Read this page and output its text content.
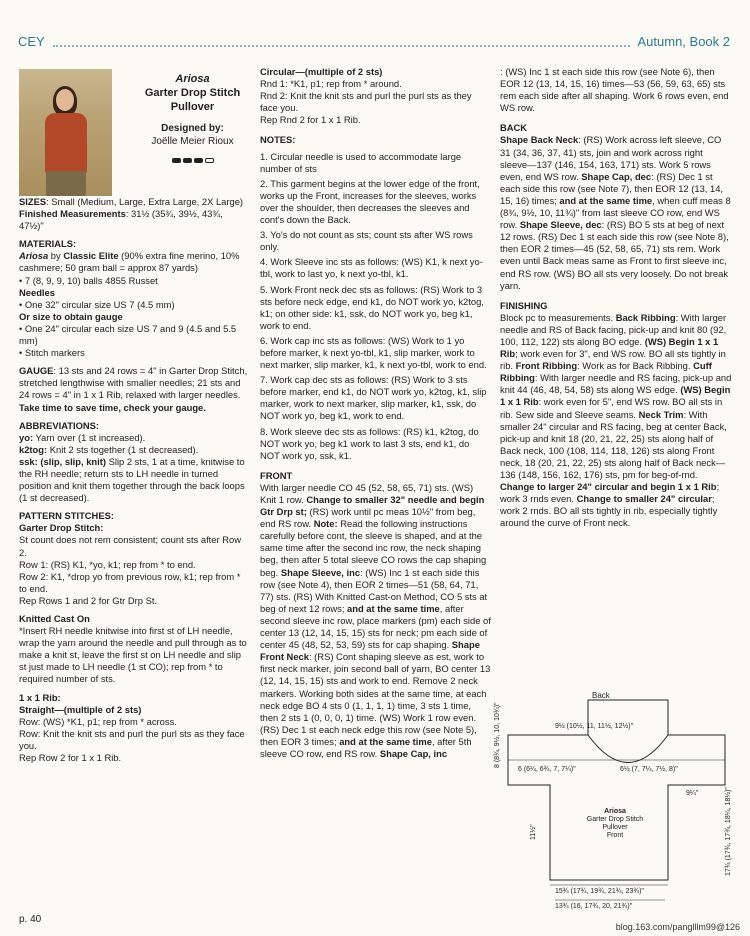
CEY	Autumn, Book 2
Ariosa
Garter Drop Stitch
Pullover
Designed by:
Joëlle Meier Rioux

SIZES: Small (Medium, Large, Extra Large, 2X Large)
Finished Measurements: 31½ (35¾, 39½, 43¾, 47½)"

MATERIALS:
Ariosa by Classic Elite (90% extra fine merino, 10% cashmere; 50 gram ball = approx 87 yards)
• 7 (8, 9, 9, 10) balls 4855 Russet
Needles
• One 32" circular size US 7 (4.5 mm)
Or size to obtain gauge
• One 24" circular each size US 7 and 9 (4.5 and 5.5 mm)
• Stitch markers

GAUGE: 13 sts and 24 rows = 4" in Garter Drop Stitch, stretched lengthwise with smaller needles; 21 sts and 24 rows = 4" in 1 x 1 Rib, relaxed with larger needles. Take time to save time, check your gauge.

ABBREVIATIONS:
yo: Yarn over (1 st increased).
k2tog: Knit 2 sts together (1 st decreased).
ssk: (slip, slip, knit) Slip 2 sts, 1 at a time, knitwise to the RH needle; return sts to LH needle in turned position and knit them together through the back loops (1 st decreased).

PATTERN STITCHES:
Garter Drop Stitch:
St count does not rem consistent; count sts after Row 2.
Row 1: (RS) K1, *yo, k1; rep from * to end.
Row 2: K1, *drop yo from previous row, k1; rep from * to end.
Rep Rows 1 and 2 for Gtr Drp St.

Knitted Cast On
*Insert RH needle knitwise into first st of LH needle, wrap the yarn around the needle and pull through as to make a knit st, leave the first st on LH needle and slip st just made to LH needle (1 st CO); rep from * to required number of sts.

1 x 1 Rib:
Straight—(multiple of 2 sts)
Row: (WS) *K1, p1; rep from * across.
Row: Knit the knit sts and purl the purl sts as they face you.
Rep Row 2 for 1 x 1 Rib.

Circular—(multiple of 2 sts)
Rnd 1: *K1, p1; rep from * around.
Rnd 2: Knit the knit sts and purl the purl sts as they face you.
Rep Rnd 2 for 1 x 1 Rib.

NOTES:

1. Circular needle is used to accommodate large number of sts

2. This garment begins at the lower edge of the front, works up the Front, increases for the sleeves, works over the shoulder, then decreases the sleeves and cont's down the Back.

3. Yo's do not count as sts; count sts after WS rows only.

4. Work Sleeve inc sts as follows: (WS) K1, k next yo-tbl, work to last yo, k next yo-tbl, k1.

5. Work Front neck dec sts as follows: (RS) Work to 3 sts before neck edge, end k1, do NOT work yo, k2tog, k1; on other side: k1, ssk, do NOT work yo, beg k1, work to end.

6. Work cap inc sts as follows: (WS) Work to 1 yo before marker, k next yo-tbl, k1, slip marker, work to next marker, slip marker, k1, k next yo-tbl, work to end.

7. Work cap dec sts as follows: (RS) Work to 3 sts before marker, end k1, do NOT work yo, k2tog, k1, slip marker, work to next marker, slip marker, k1, ssk, do NOT work yo, beg k1, work to end.

8. Work sleeve dec sts as follows: (RS) k1, k2tog, do NOT work yo, beg k1 work to last 3 sts, end k1, do NOT work yo, ssk, k1.

FRONT
With larger needle CO 45 (52, 58, 65, 71) sts. (WS) Knit 1 row. Change to smaller 32" needle and begin Gtr Drp st; (RS) work until pc meas 10½" from beg, end RS row. Note: Read the following instructions carefully before cont, the sleeve is shaped, and at the same time after the second inc row, the neck shaping beg, then after 5 total sleeve CO rows the cap shaping beg. Shape Sleeve, inc: (WS) Inc 1 st each side this row (see Note 4), then EOR 2 times—51 (58, 64, 71, 77) sts. (RS) With Knitted Cast-on Method, CO 5 sts at beg of next 12 rows; and at the same time, after second sleeve inc row, place markers (pm) each side of center 13 (12, 14, 15, 15) sts for neck; pm each side of center 45 (48, 52, 53, 59) sts for cap shaping. Shape Front Neck: (RS) Cont shaping sleeve as est, work to first neck marker, join second ball of yarn, BO center 13 (12, 14, 15, 15) sts and work to end. Remove 2 neck markers. Working both sides at the same time, at each neck edge BO 4 sts 0 (1, 1, 1, 1) time, 3 sts 1 time, then 2 sts 1 (0, 0, 0, 1) time. (WS) Work 1 row even. (RS) Dec 1 st each neck edge this row (see Note 5), then EOR 3 times; and at the same time, after 5th sleeve CO row, end RS row. Shape Cap, inc

: (WS) Inc 1 st each side this row (see Note 6), then EOR 12 (13, 14, 15, 16) times—53 (56, 59, 63, 65) sts rem each side after all shaping. Work 6 rows even, end WS row.

BACK
Shape Back Neck: (RS) Work across left sleeve, CO 31 (34, 36, 37, 41) sts, join and work across right sleeve—137 (146, 154, 163, 171) sts. Work 5 rows even, end WS row. Shape Cap, dec: (RS) Dec 1 st each side this row (see Note 7), then EOR 12 (13, 14, 15, 16) times; and at the same time, when cuff meas 8 (8¾, 9½, 10, 11¾)" from last sleeve CO row, end WS row. Shape Sleeve, dec: (RS) BO 5 sts at beg of next 12 rows. (RS) Dec 1 st each side this row (see Note 8), then EOR 2 times—45 (52, 58, 65, 71) sts rem. Work even until Back meas same as Front to first sleeve inc, end RS row. (WS) BO all sts very loosely. Do not break yarn.

FINISHING
Block pc to measurements. Back Ribbing: With larger needle and RS of Back facing, pick-up and knit 80 (92, 100, 112, 122) sts along BO edge. (WS) Begin 1 x 1 Rib; work even for 3", end WS row. BO all sts tightly in rib. Front Ribbing: Work as for Back Ribbing. Cuff Ribbing: With larger needle and RS facing, pick-up and knit 44 (46, 48, 54, 58) sts along WS edge. (WS) Begin 1 x 1 Rib: work even for 5", end WS row. BO all sts in rib. Sew side and Sleeve seams. Neck Trim: With smaller 24" circular and RS facing, beg at center Back, pick-up and knit 18 (20, 21, 22, 25) sts along half of Back neck, 100 (108, 114, 118, 126) sts along Front neck, 18 (20, 21, 22, 25) sts along half of Back neck—136 (148, 156, 162, 176) sts, pm for beg-of-rnd. Change to larger 24" circular and begin 1 x 1 Rib; work 3 rnds even. Change to smaller 24" circular; work 2 rnds. BO all sts tightly in rib, especially tightly around the curve of Front neck.

Back
9½ (10½, 11, 11½, 12½)"
6 (6¼, 6¾, 7, 7¼)"	6½ (7, 7¼, 7½, 8)"
8 (8¾, 9½, 10, 10¾)"
9¼"
11½"	17¾ (17¾, 17¾, 18¼, 18½)"
Ariosa
Garter Drop Stitch
Pullover
Front
15¾ (17¾, 19¾, 21¾, 23¾)"
13¾ (16, 17¾, 20, 21¾)"
p. 40
blog.163.com/panglllm99@126
